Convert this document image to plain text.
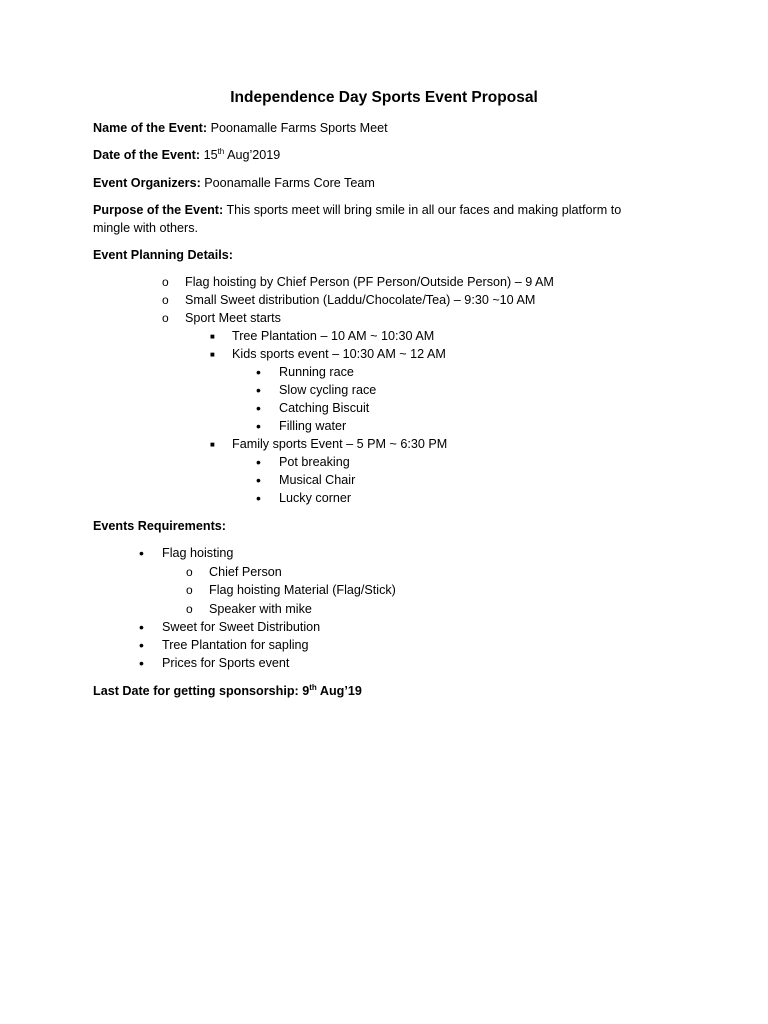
Independence Day Sports Event Proposal
Name of the Event: Poonamalle Farms Sports Meet
Date of the Event: 15th Aug’2019
Event Organizers: Poonamalle Farms Core Team
Purpose of the Event: This sports meet will bring smile in all our faces and making platform to mingle with others.
Event Planning Details:
o Flag hoisting by Chief Person (PF Person/Outside Person) – 9 AM
o Small Sweet distribution (Laddu/Chocolate/Tea) – 9:30 ~10 AM
o Sport Meet starts
■ Tree Plantation – 10 AM ~ 10:30 AM
■ Kids sports event – 10:30 AM ~ 12 AM
• Running race
• Slow cycling race
• Catching Biscuit
• Filling water
■ Family sports Event – 5 PM ~ 6:30 PM
• Pot breaking
• Musical Chair
• Lucky corner
Events Requirements:
• Flag hoisting
o Chief Person
o Flag hoisting Material (Flag/Stick)
o Speaker with mike
• Sweet for Sweet Distribution
• Tree Plantation for sapling
• Prices for Sports event
Last Date for getting sponsorship: 9th Aug’19
